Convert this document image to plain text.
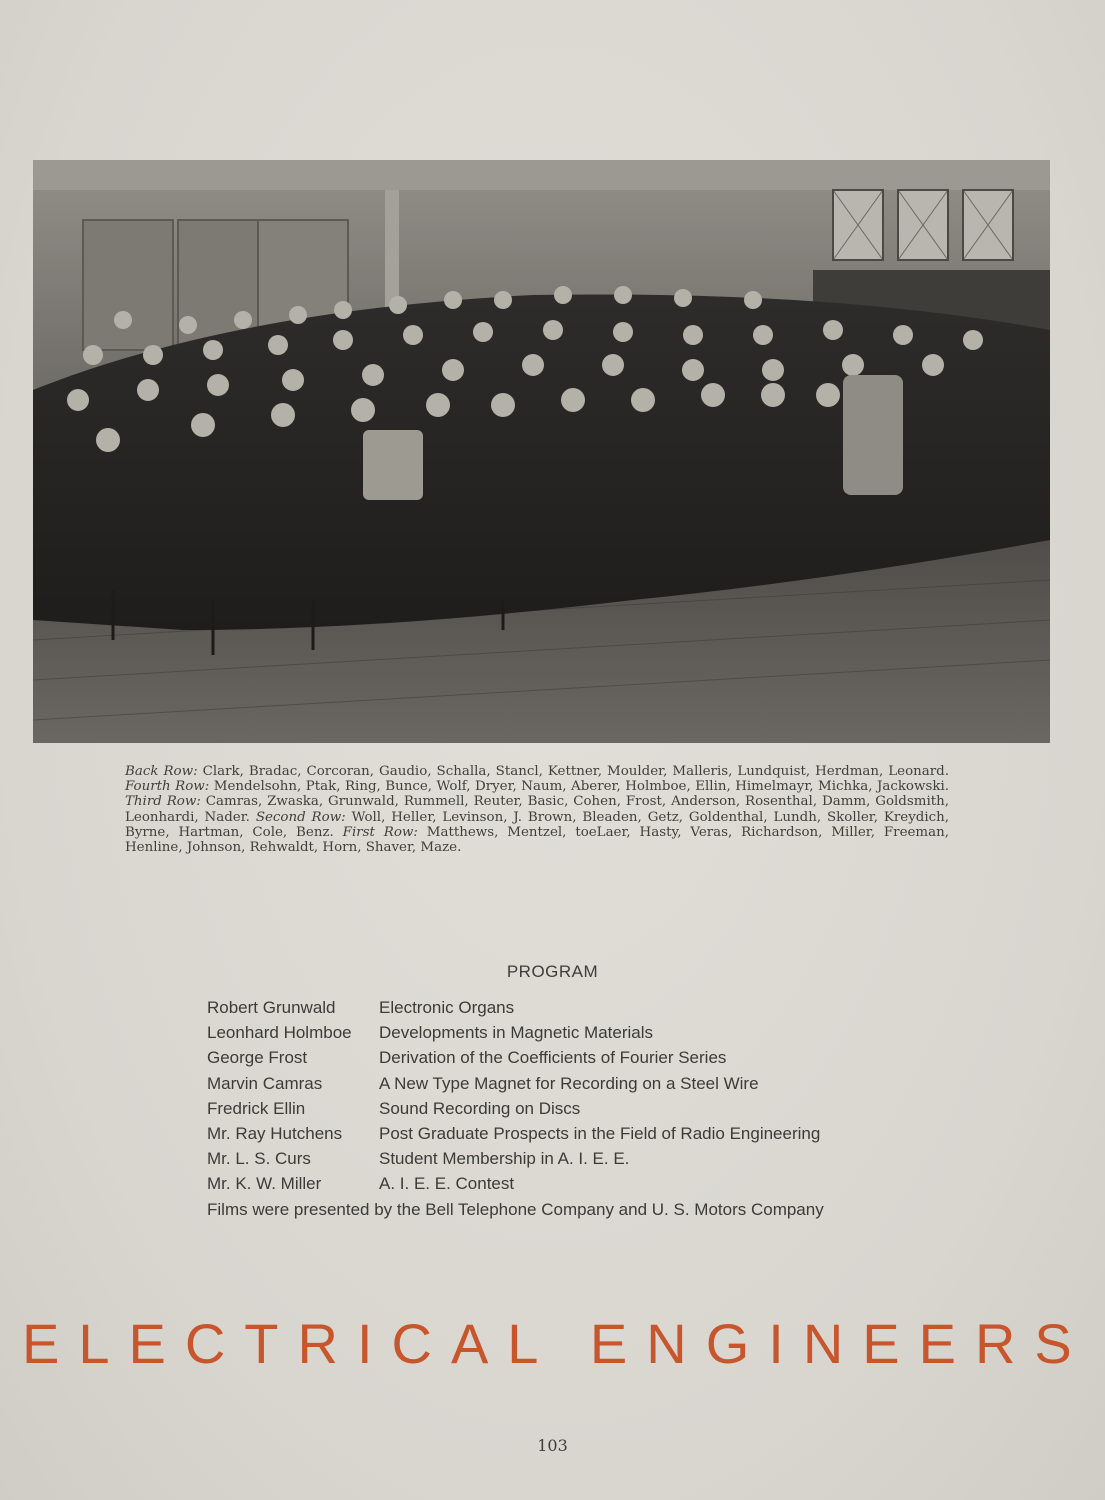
Back Row: Clark, Bradac, Corcoran, Gaudio, Schalla, Stancl, Kettner, Moulder, Malleris, Lundquist, Herdman, Leonard. Fourth Row: Mendelsohn, Ptak, Ring, Bunce, Wolf, Dryer, Naum, Aberer, Holmboe, Ellin, Himelmayr, Michka, Jackowski. Third Row: Camras, Zwaska, Grunwald, Rummell, Reuter, Basic, Cohen, Frost, Anderson, Rosenthal, Damm, Goldsmith, Leonhardi, Nader. Second Row: Woll, Heller, Levinson, J. Brown, Bleaden, Getz, Goldenthal, Lundh, Skoller, Kreydich, Byrne, Hartman, Cole, Benz. First Row: Matthews, Mentzel, toeLaer, Hasty, Veras, Richardson, Miller, Freeman, Henline, Johnson, Rehwaldt, Horn, Shaver, Maze.
PROGRAM
Robert Grunwald	Electronic Organs
Leonhard Holmboe	Developments in Magnetic Materials
George Frost	Derivation of the Coefficients of Fourier Series
Marvin Camras	A New Type Magnet for Recording on a Steel Wire
Fredrick Ellin	Sound Recording on Discs
Mr. Ray Hutchens	Post Graduate Prospects in the Field of Radio Engineering
Mr. L. S. Curs	Student Membership in A. I. E. E.
Mr. K. W. Miller	A. I. E. E. Contest
Films were presented by the Bell Telephone Company and U. S. Motors Company
ELECTRICAL ENGINEERS
103
